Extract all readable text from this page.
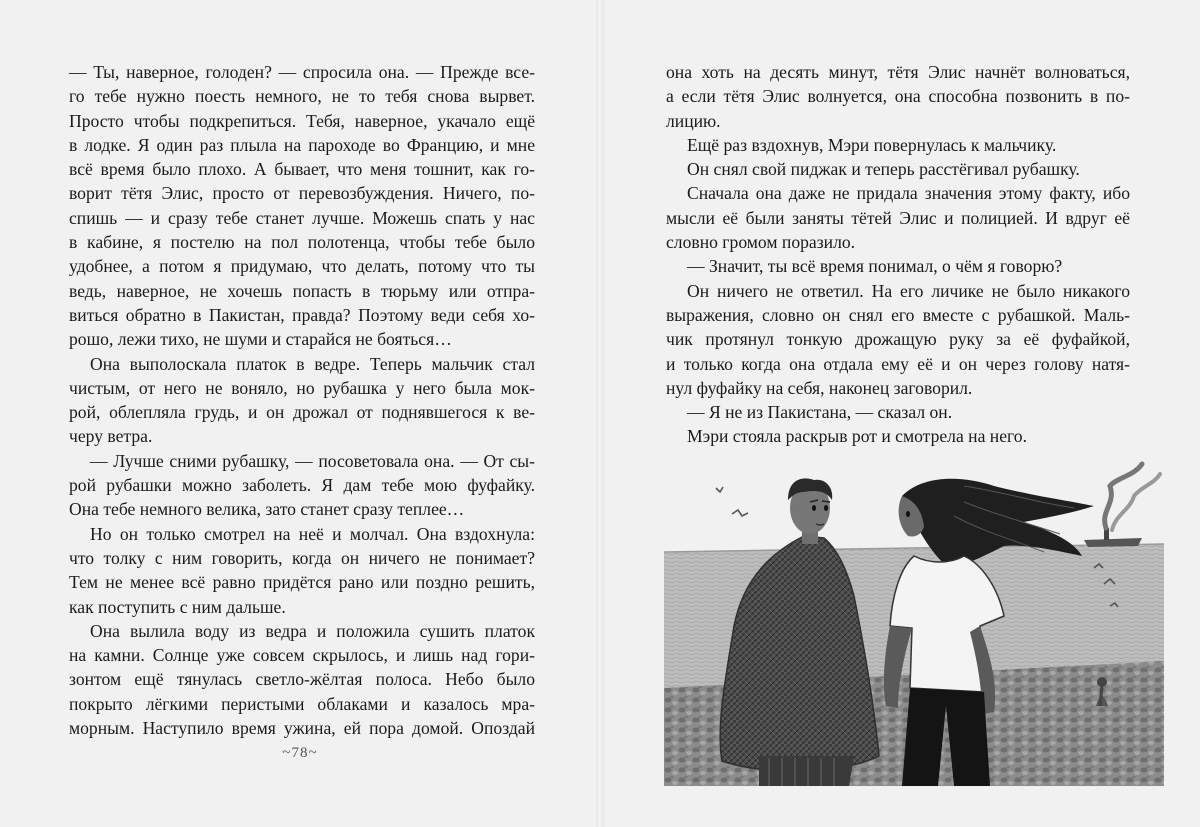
— Ты, наверное, голоден? — спросила она. — Прежде все-
го тебе нужно поесть немного, не то тебя снова вырвет.
Просто чтобы подкрепиться. Тебя, наверное, укачало ещё
в лодке. Я один раз плыла на пароходе во Францию, и мне
всё время было плохо. А бывает, что меня тошнит, как го-
ворит тётя Элис, просто от перевозбуждения. Ничего, по-
спишь — и сразу тебе станет лучше. Можешь спать у нас
в кабине, я постелю на пол полотенца, чтобы тебе было
удобнее, а потом я придумаю, что делать, потому что ты
ведь, наверное, не хочешь попасть в тюрьму или отпра-
виться обратно в Пакистан, правда? Поэтому веди себя хо-
рошо, лежи тихо, не шуми и старайся не бояться…
Она выполоскала платок в ведре. Теперь мальчик стал
чистым, от него не воняло, но рубашка у него была мок-
рой, облепляла грудь, и он дрожал от поднявшегося к ве-
черу ветра.
— Лучше сними рубашку, — посоветовала она. — От сы-
рой рубашки можно заболеть. Я дам тебе мою фуфайку.
Она тебе немного велика, зато станет сразу теплее…
Но он только смотрел на неё и молчал. Она вздохнула:
что толку с ним говорить, когда он ничего не понимает?
Тем не менее всё равно придётся рано или поздно решить,
как поступить с ним дальше.
Она вылила воду из ведра и положила сушить платок
на камни. Солнце уже совсем скрылось, и лишь над гори-
зонтом ещё тянулась светло-жёлтая полоса. Небо было
покрыто лёгкими перистыми облаками и казалось мра-
морным. Наступило время ужина, ей пора домой. Опоздай
~78~
она хоть на десять минут, тётя Элис начнёт волноваться,
а если тётя Элис волнуется, она способна позвонить в по-
лицию.
Ещё раз вздохнув, Мэри повернулась к мальчику.
Он снял свой пиджак и теперь расстёгивал рубашку.
Сначала она даже не придала значения этому факту, ибо
мысли её были заняты тётей Элис и полицией. И вдруг её
словно громом поразило.
— Значит, ты всё время понимал, о чём я говорю?
Он ничего не ответил. На его личике не было никакого
выражения, словно он снял его вместе с рубашкой. Маль-
чик протянул тонкую дрожащую руку за её фуфайкой,
и только когда она отдала ему её и он через голову натя-
нул фуфайку на себя, наконец заговорил.
— Я не из Пакистана, — сказал он.
Мэри стояла раскрыв рот и смотрела на него.
